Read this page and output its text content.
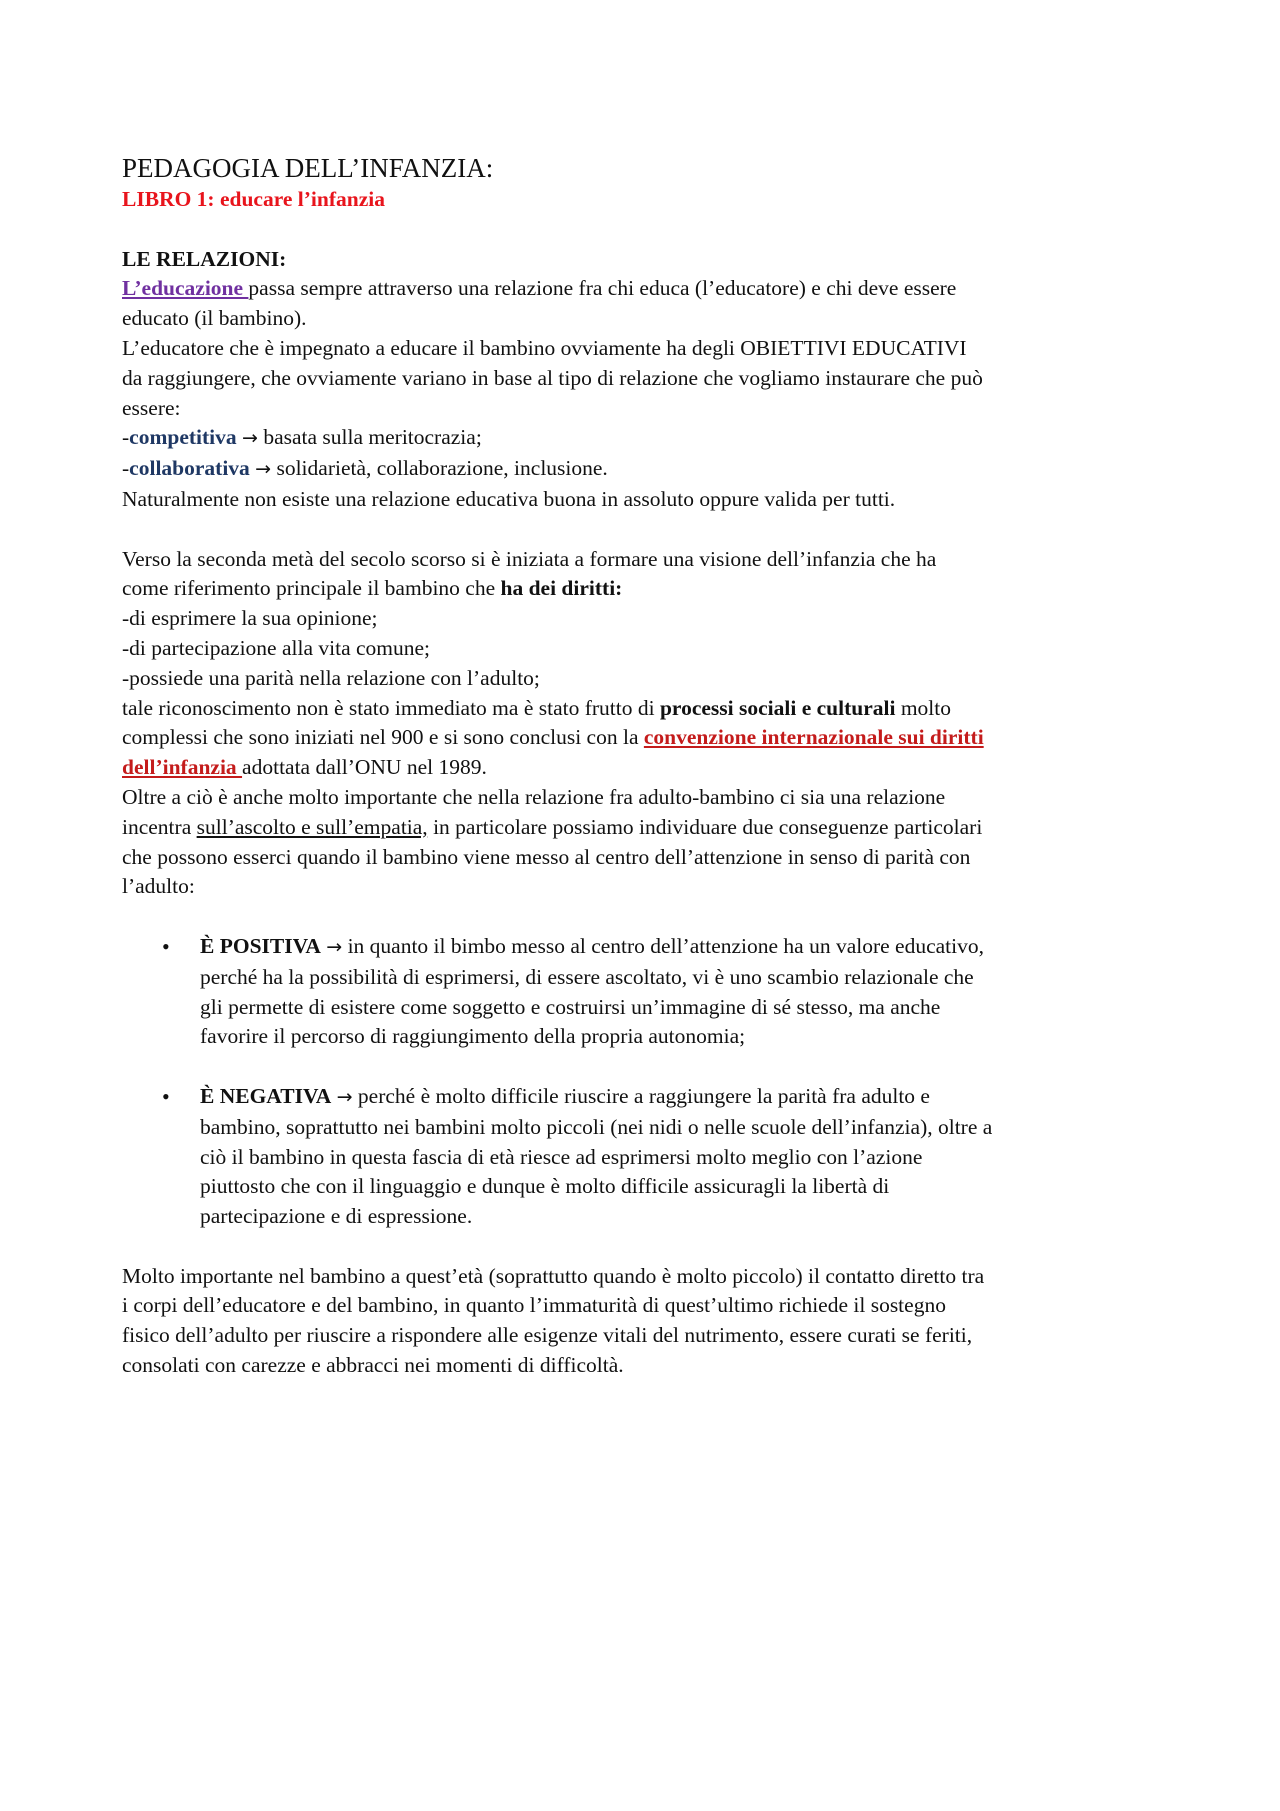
PEDAGOGIA DELL’INFANZIA:
LIBRO 1: educare l’infanzia
LE RELAZIONI:
L’educazione passa sempre attraverso una relazione fra chi educa (l’educatore) e chi deve essere
educato (il bambino).
L’educatore che è impegnato a educare il bambino ovviamente ha degli OBIETTIVI EDUCATIVI
da raggiungere, che ovviamente variano in base al tipo di relazione che vogliamo instaurare che può
essere:
-competitiva → basata sulla meritocrazia;
-collaborativa → solidarietà, collaborazione, inclusione.
Naturalmente non esiste una relazione educativa buona in assoluto oppure valida per tutti.
Verso la seconda metà del secolo scorso si è iniziata a formare una visione dell’infanzia che ha
come riferimento principale il bambino che ha dei diritti:
-di esprimere la sua opinione;
-di partecipazione alla vita comune;
-possiede una parità nella relazione con l’adulto;
tale riconoscimento non è stato immediato ma è stato frutto di processi sociali e culturali molto
complessi che sono iniziati nel 900 e si sono conclusi con la convenzione internazionale sui diritti
dell’infanzia adottata dall’ONU nel 1989.
Oltre a ciò è anche molto importante che nella relazione fra adulto-bambino ci sia una relazione
incentra sull’ascolto e sull’empatia, in particolare possiamo individuare due conseguenze particolari
che possono esserci quando il bambino viene messo al centro dell’attenzione in senso di parità con
l’adulto:
• È POSITIVA → in quanto il bimbo messo al centro dell’attenzione ha un valore educativo,
perché ha la possibilità di esprimersi, di essere ascoltato, vi è uno scambio relazionale che
gli permette di esistere come soggetto e costruirsi un’immagine di sé stesso, ma anche
favorire il percorso di raggiungimento della propria autonomia;
• È NEGATIVA → perché è molto difficile riuscire a raggiungere la parità fra adulto e
bambino, soprattutto nei bambini molto piccoli (nei nidi o nelle scuole dell’infanzia), oltre a
ciò il bambino in questa fascia di età riesce ad esprimersi molto meglio con l’azione
piuttosto che con il linguaggio e dunque è molto difficile assicuragli la libertà di
partecipazione e di espressione.
Molto importante nel bambino a quest’età (soprattutto quando è molto piccolo) il contatto diretto tra
i corpi dell’educatore e del bambino, in quanto l’immaturità di quest’ultimo richiede il sostegno
fisico dell’adulto per riuscire a rispondere alle esigenze vitali del nutrimento, essere curati se feriti,
consolati con carezze e abbracci nei momenti di difficoltà.
